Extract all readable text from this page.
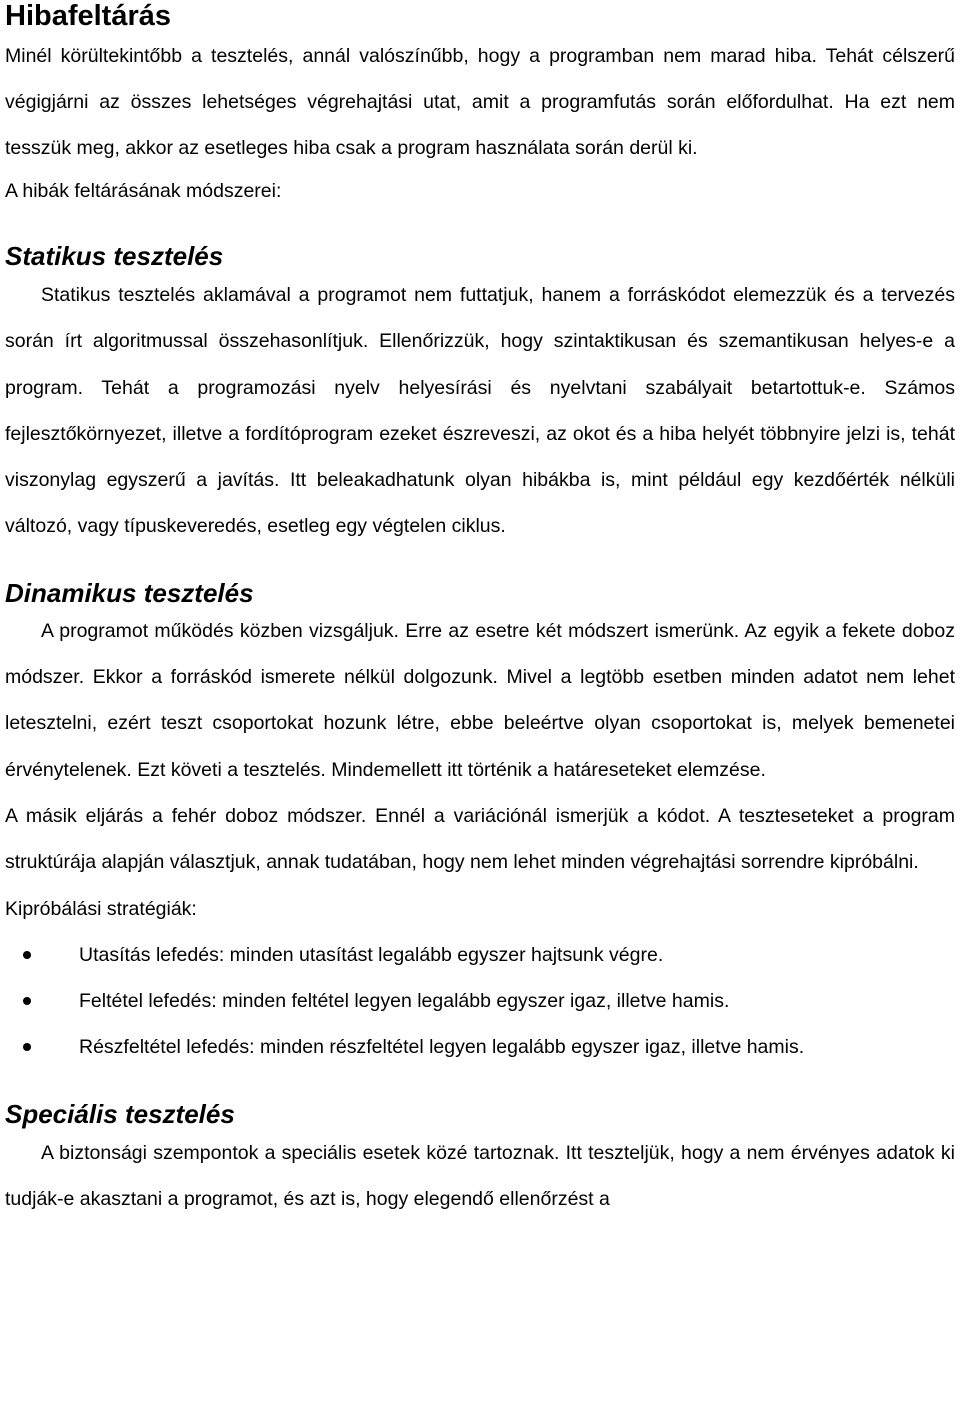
Hibafeltárás

Minél körültekintőbb a tesztelés, annál valószínűbb, hogy a programban nem marad hiba. Tehát célszerű végigjárni az összes lehetséges végrehajtási utat, amit a programfutás során előfordulhat. Ha ezt nem tesszük meg, akkor az esetleges hiba csak a program használata során derül ki.

A hibák feltárásának módszerei:

Statikus tesztelés

Statikus tesztelés aklamával a programot nem futtatjuk, hanem a forráskódot elemezzük és a tervezés során írt algoritmussal összehasonlítjuk. Ellenőrizzük, hogy szintaktikusan és szemantikusan helyes-e a program. Tehát a programozási nyelv helyesírási és nyelvtani szabályait betartottuk-e. Számos fejlesztőkörnyezet, illetve a fordítóprogram ezeket észreveszi, az okot és a hiba helyét többnyire jelzi is, tehát viszonylag egyszerű a javítás. Itt beleakadhatunk olyan hibákba is, mint például egy kezdőérték nélküli változó, vagy típuskeveredés, esetleg egy végtelen ciklus.

Dinamikus tesztelés

A programot működés közben vizsgáljuk. Erre az esetre két módszert ismerünk. Az egyik a fekete doboz módszer. Ekkor a forráskód ismerete nélkül dolgozunk. Mivel a legtöbb esetben minden adatot nem lehet letesztelni, ezért teszt csoportokat hozunk létre, ebbe beleértve olyan csoportokat is, melyek bemenetei érvénytelenek. Ezt követi a tesztelés. Mindemellett itt történik a határeseteket elemzése.

A másik eljárás a fehér doboz módszer. Ennél a variációnál ismerjük a kódot. A teszteseteket a program struktúrája alapján választjuk, annak tudatában, hogy nem lehet minden végrehajtási sorrendre kipróbálni.

Kipróbálási stratégiák:

Utasítás lefedés: minden utasítást legalább egyszer hajtsunk végre.
Feltétel lefedés: minden feltétel legyen legalább egyszer igaz, illetve hamis.
Részfeltétel lefedés: minden részfeltétel legyen legalább egyszer igaz, illetve hamis.
Speciális tesztelés

A biztonsági szempontok a speciális esetek közé tartoznak. Itt teszteljük, hogy a nem érvényes adatok ki tudják-e akasztani a programot, és azt is, hogy elegendő ellenőrzést a
